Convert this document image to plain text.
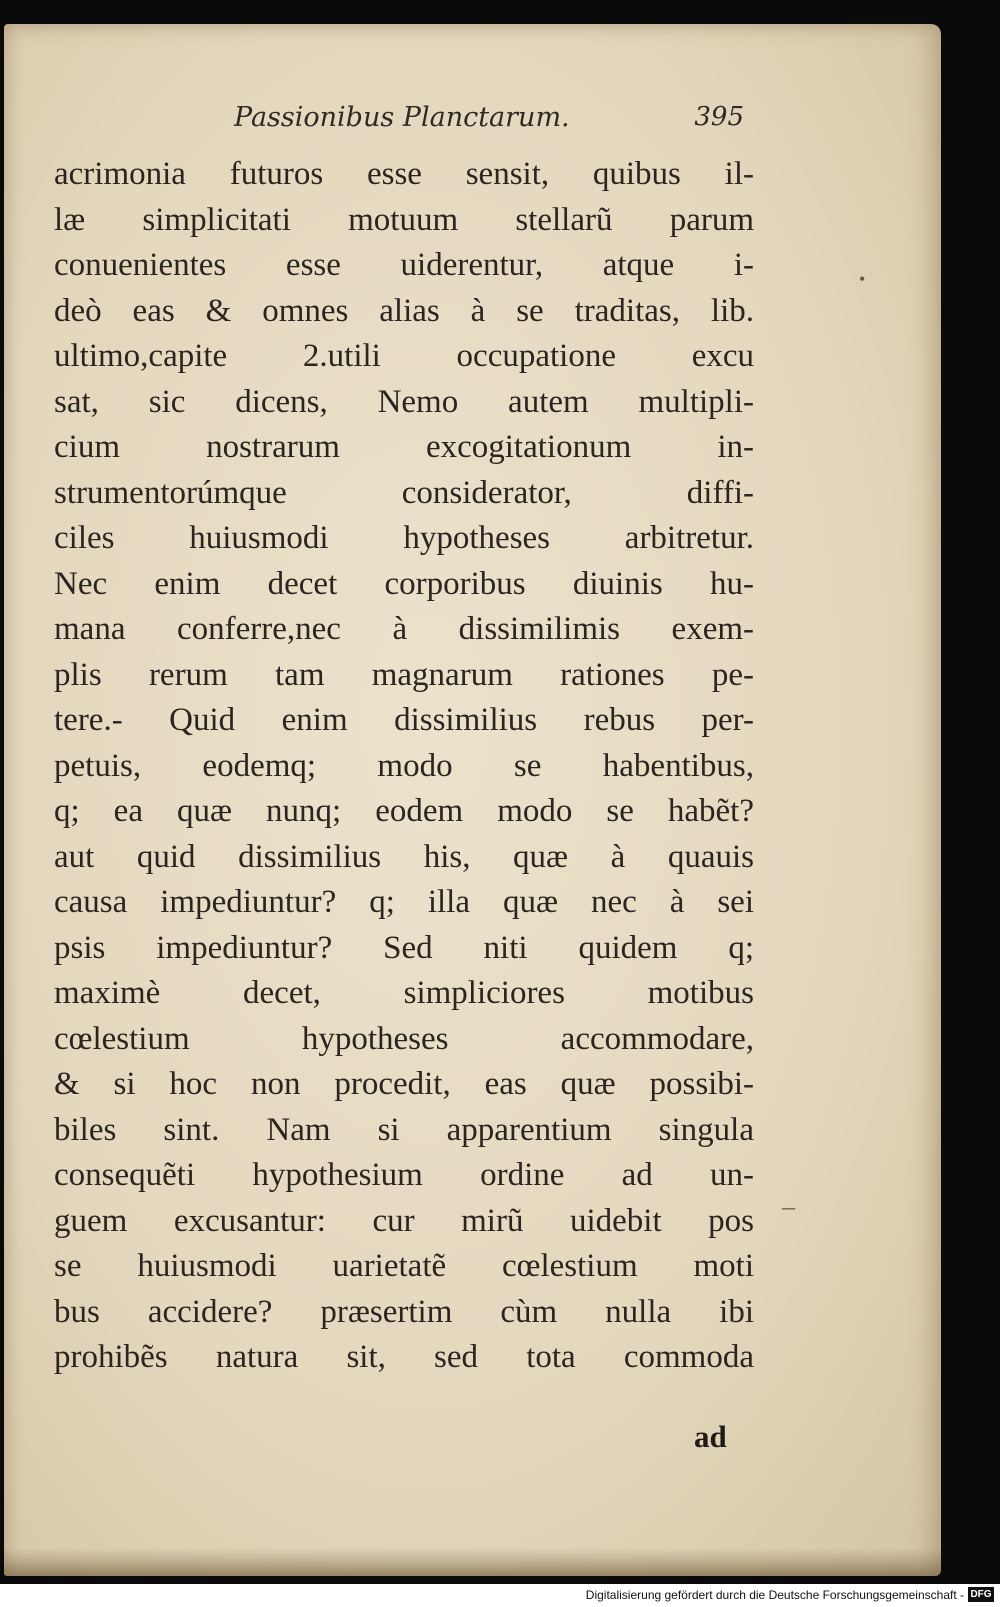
Passionibus Planctarum.	395
acrimonia futuros esse sensit, quibus il-
læ simplicitati motuum stellarũ parum
conuenientes esse uiderentur, atque i-
deò eas & omnes alias à se traditas, lib.
ultimo,capite 2.utili occupatione excu
sat, sic dicens, Nemo autem multipli-
cium nostrarum excogitationum in-
strumentorúmque considerator, diffi-
ciles huiusmodi hypotheses arbitretur.
Nec enim decet corporibus diuinis hu-
mana conferre,nec à dissimilimis exem-
plis rerum tam magnarum rationes pe-
tere.- Quid enim dissimilius rebus per-
petuis, eodemq; modo se habentibus,
q; ea quæ nunq; eodem modo se habẽt?
aut quid dissimilius his, quæ à quauis
causa impediuntur? q; illa quæ nec à sei
psis impediuntur? Sed niti quidem q;
maximè decet, simpliciores motibus
cœlestium hypotheses accommodare,
& si hoc non procedit, eas quæ possibi-
biles sint. Nam si apparentium singula
consequẽti hypothesium ordine ad un-
guem excusantur: cur mirũ uidebit pos
se huiusmodi uarietatẽ cœlestium moti
bus accidere? præsertim cùm nulla ibi
prohibẽs natura sit, sed tota commoda
ad
•
–
Digitalisierung gefördert durch die Deutsche Forschungsgemeinschaft - DFG
